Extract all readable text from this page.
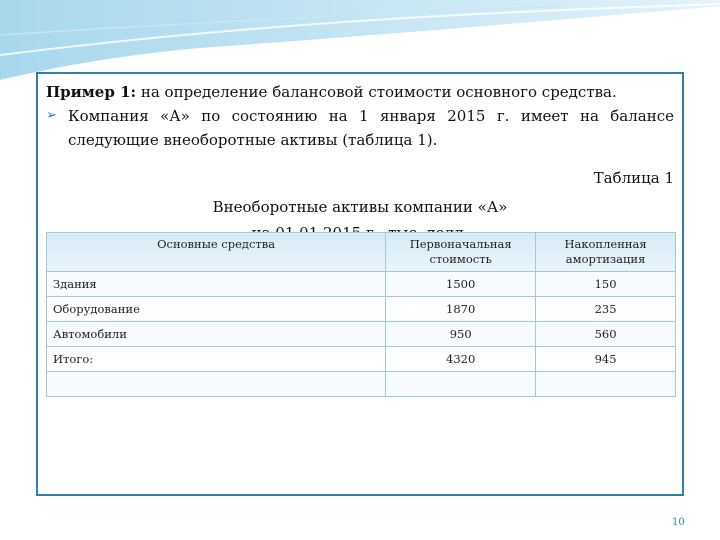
Пример 1: на определение балансовой стоимости основного средства.
➢ Компания «А» по состоянию на 1 января 2015 г. имеет на балансе следующие внеоборотные активы (таблица 1).
Таблица 1
Внеоборотные активы компании «А»
Основные средства	Первоначальная стоимость	Накопленная амортизация
Здания	1500	150
Оборудование	1870	235
Автомобили	950	560
Итого:	4320	945

10
